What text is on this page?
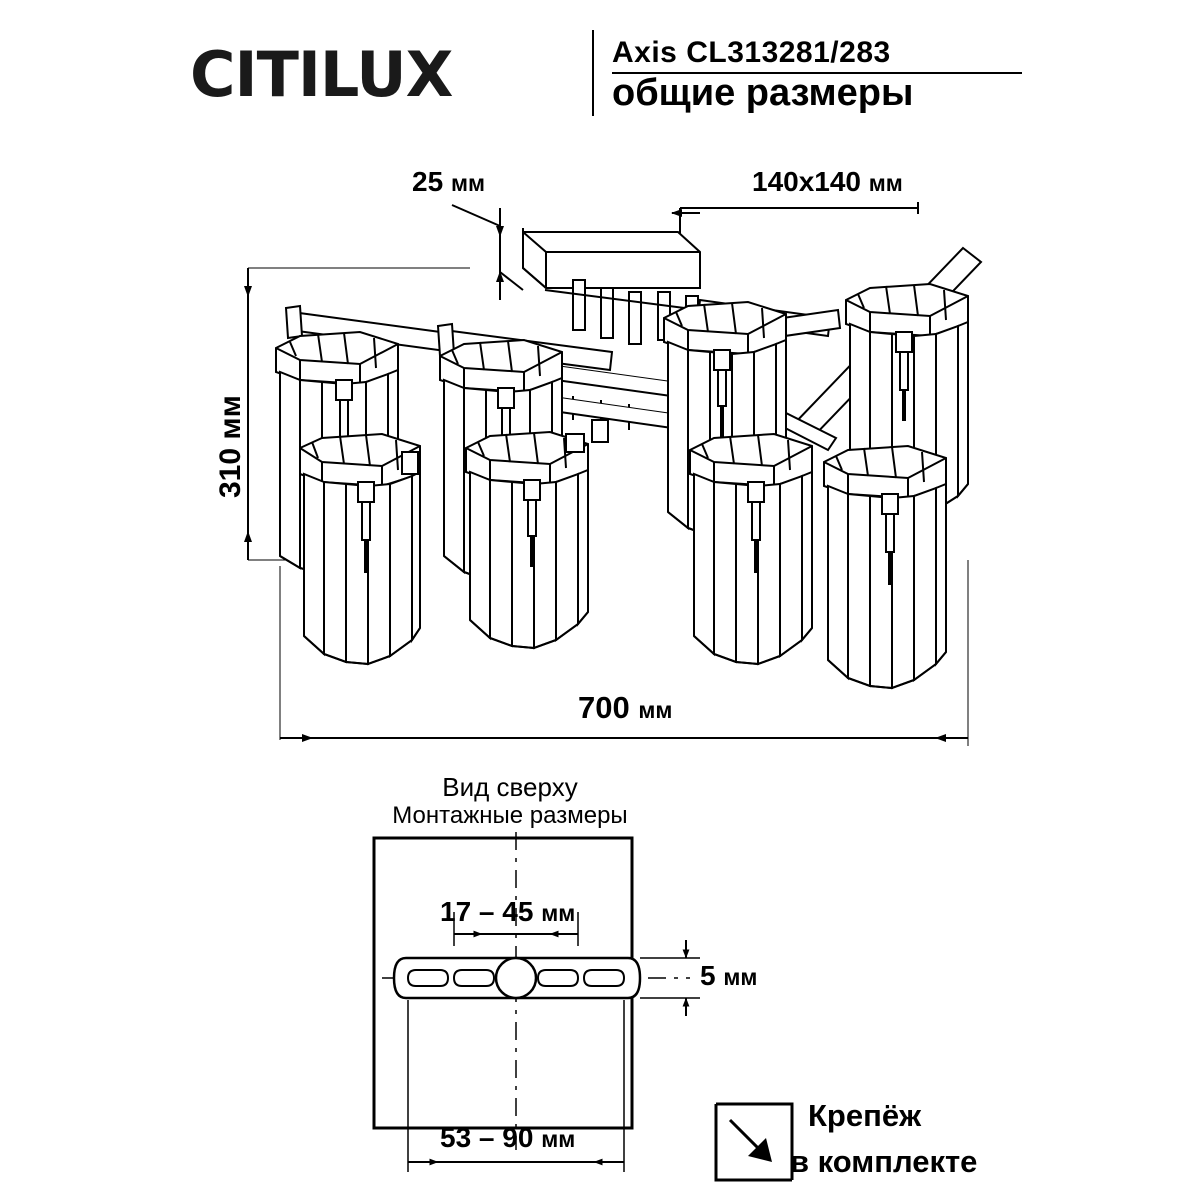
CITILUX	Axis CL313281/283
общие размеры
25 мм	140x140 мм
310 мм
700 мм
Вид сверху
Монтажные размеры
17 – 45 мм
5 мм
53 – 90 мм
Крепёж
в комплекте
